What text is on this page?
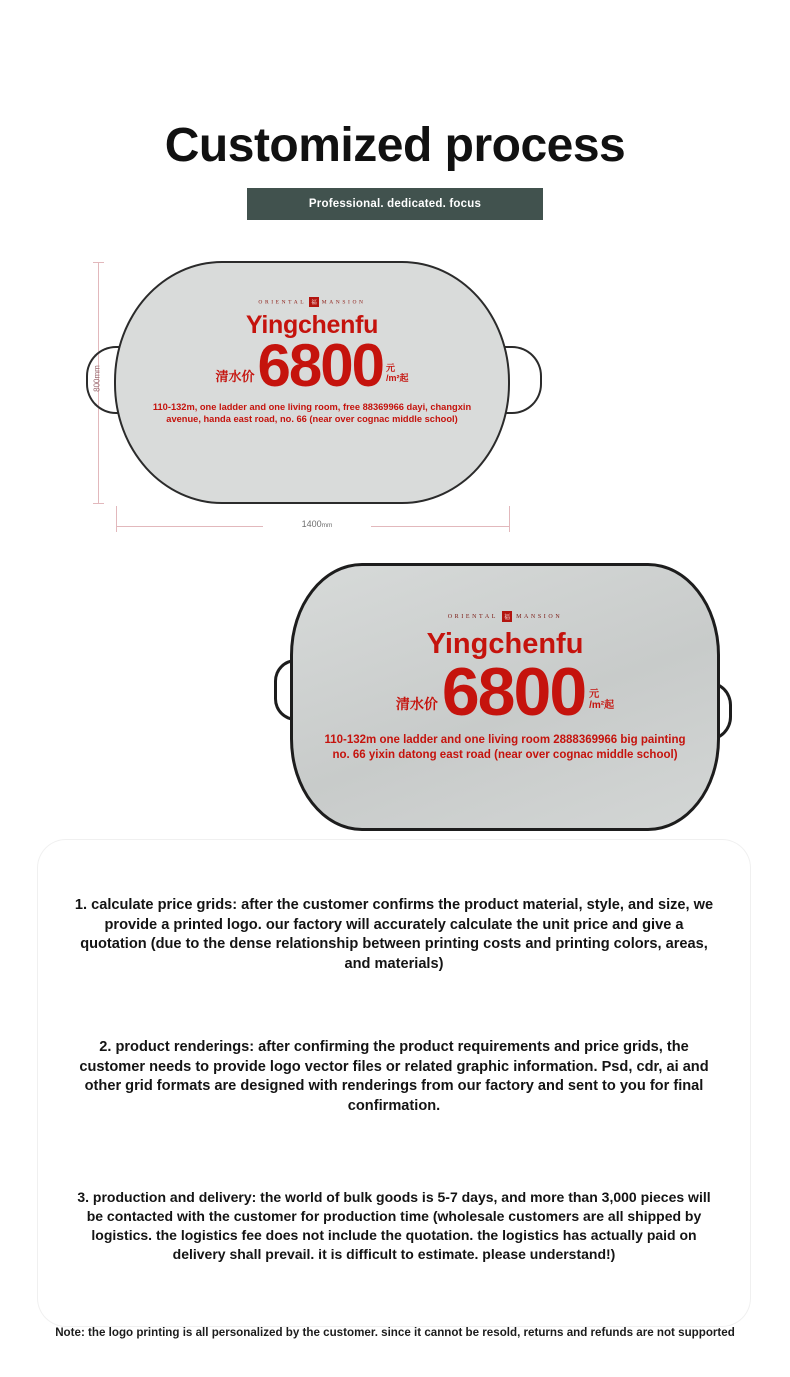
Customized process
Professional. dedicated. focus
800mm
ORIENTAL 福 MANSION
Yingchenfu
清水价 6800 元
/m²起
110-132m, one ladder and one living room, free 88369966 dayi, changxin avenue, handa east road, no. 66 (near over cognac middle school)
1400mm
ORIENTAL 福 MANSION
Yingchenfu
清水价 6800 元
/m²起
110-132m one ladder and one living room 2888369966 big painting no. 66 yixin datong east road (near over cognac middle school)
1. calculate price grids: after the customer confirms the product material, style, and size, we provide a printed logo. our factory will accurately calculate the unit price and give a quotation (due to the dense relationship between printing costs and printing colors, areas, and materials)
2. product renderings: after confirming the product requirements and price grids, the customer needs to provide logo vector files or related graphic information. Psd, cdr, ai and other grid formats are designed with renderings from our factory and sent to you for final confirmation.
3. production and delivery: the world of bulk goods is 5-7 days, and more than 3,000 pieces will be contacted with the customer for production time (wholesale customers are all shipped by logistics. the logistics fee does not include the quotation. the logistics has actually paid on delivery shall prevail. it is difficult to estimate. please understand!)
Note: the logo printing is all personalized by the customer. since it cannot be resold, returns and refunds are not supported
